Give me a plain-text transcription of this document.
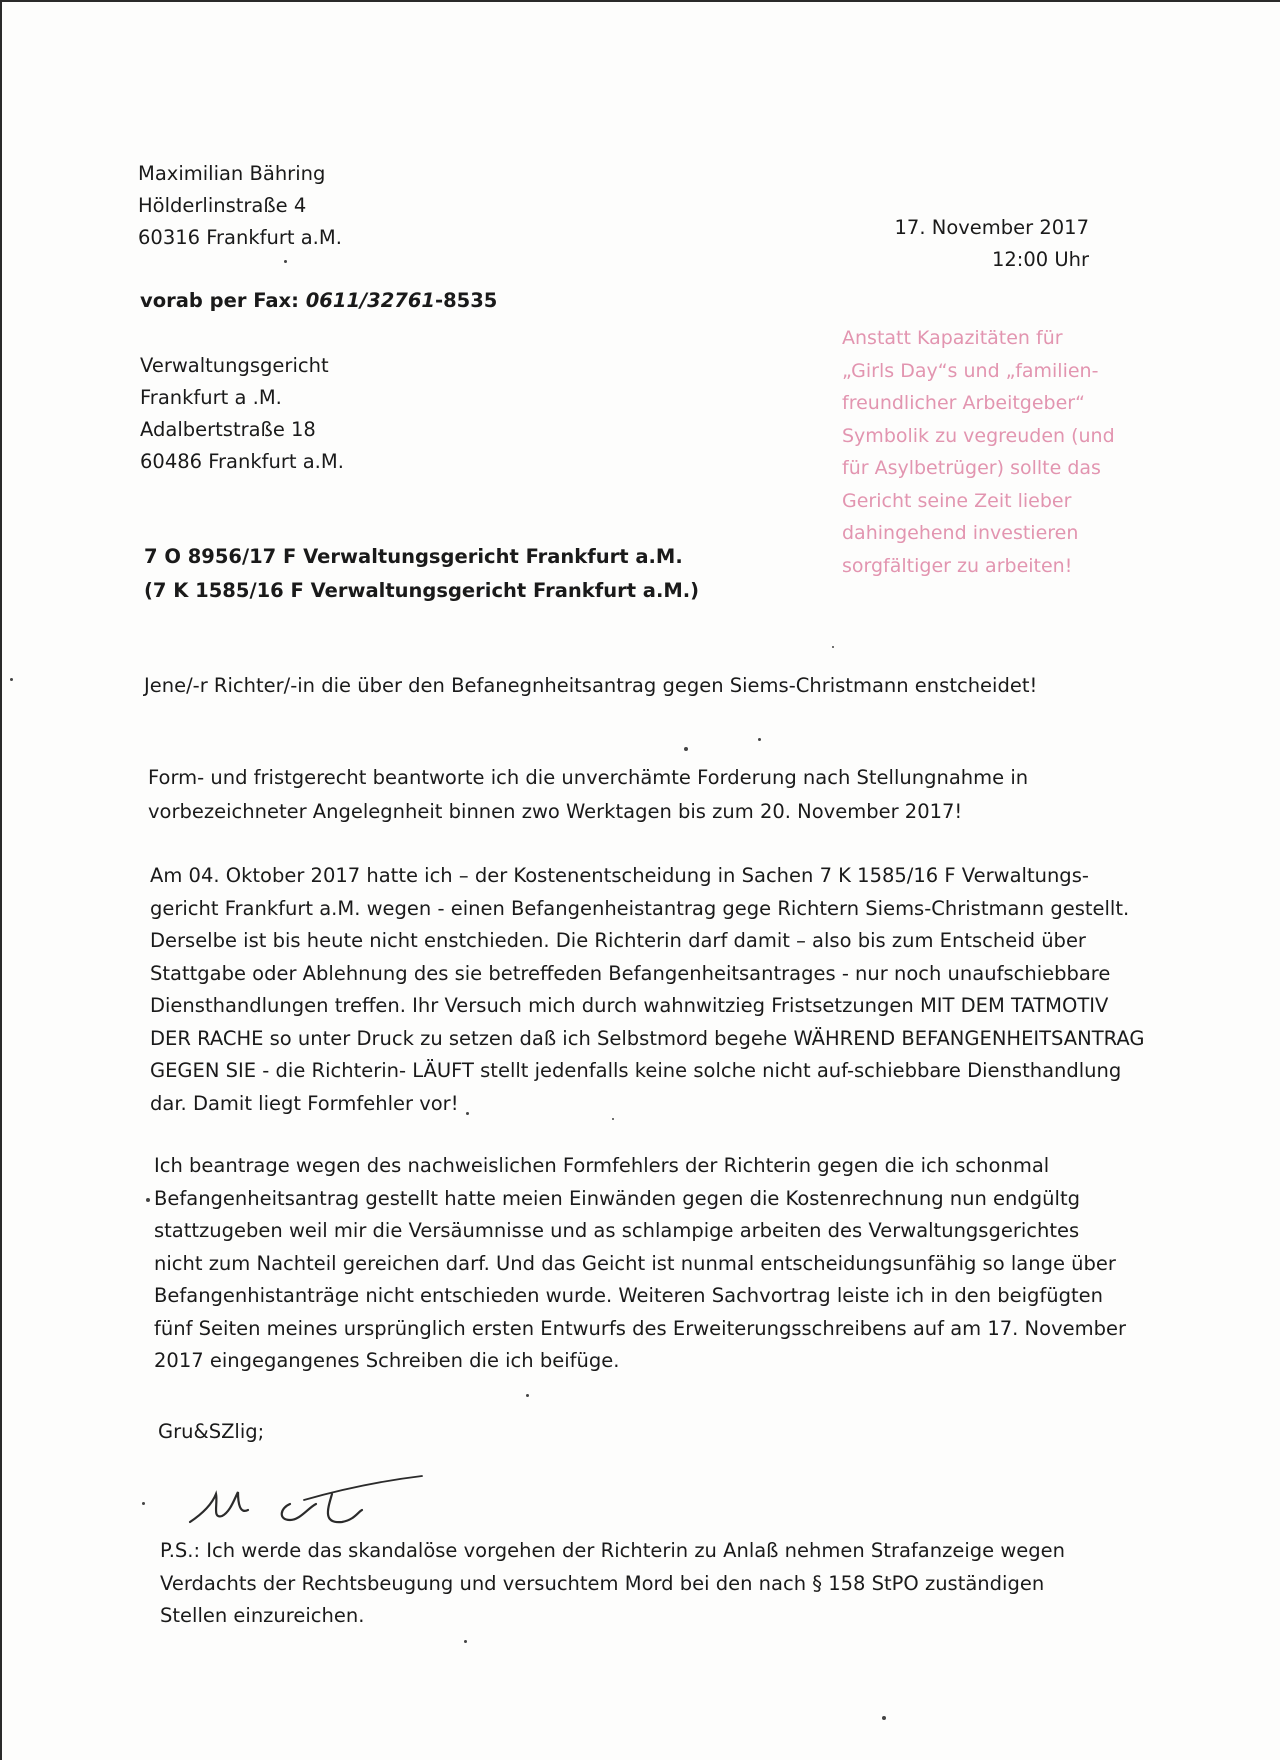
Maximilian Bähring
Hölderlinstraße 4
60316 Frankfurt a.M.	17. November 2017
12:00 Uhr
vorab per Fax: 0611/32761-8535
Verwaltungsgericht
Frankfurt a .M.
Adalbertstraße 18
60486 Frankfurt a.M.
Anstatt Kapazitäten für
„Girls Day“s und „familien-
freundlicher Arbeitgeber“
Symbolik zu vegreuden (und
für Asylbetrüger) sollte das
Gericht seine Zeit lieber
dahingehend investieren
sorgfältiger zu arbeiten!
7 O 8956/17 F Verwaltungsgericht Frankfurt a.M.
(7 K 1585/16 F Verwaltungsgericht Frankfurt a.M.)
Jene/-r Richter/-in die über den Befanegnheitsantrag gegen Siems-Christmann enstcheidet!
Form- und fristgerecht beantworte ich die unverchämte Forderung nach Stellungnahme in
vorbezeichneter Angelegnheit binnen zwo Werktagen bis zum 20. November 2017!
Am 04. Oktober 2017 hatte ich – der Kostenentscheidung in Sachen 7 K 1585/16 F Verwaltungs-
gericht Frankfurt a.M. wegen - einen Befangenheistantrag gege Richtern Siems-Christmann gestellt.
Derselbe ist bis heute nicht enstchieden. Die Richterin darf damit – also bis zum Entscheid über
Stattgabe oder Ablehnung des sie betreffeden Befangenheitsantrages - nur noch unaufschiebbare
Diensthandlungen treffen. Ihr Versuch mich durch wahnwitzieg Fristsetzungen MIT DEM TATMOTIV
DER RACHE so unter Druck zu setzen daß ich Selbstmord begehe WÄHREND BEFANGENHEITSANTRAG
GEGEN SIE - die Richterin- LÄUFT stellt jedenfalls keine solche nicht auf-schiebbare Diensthandlung
dar. Damit liegt Formfehler vor!
Ich beantrage wegen des nachweislichen Formfehlers der Richterin gegen die ich schonmal
Befangenheitsantrag gestellt hatte meien Einwänden gegen die Kostenrechnung nun endgültg
stattzugeben weil mir die Versäumnisse und as schlampige arbeiten des Verwaltungsgerichtes
nicht zum Nachteil gereichen darf. Und das Geicht ist nunmal entscheidungsunfähig so lange über
Befangenhistanträge nicht entschieden wurde. Weiteren Sachvortrag leiste ich in den beigfügten
fünf Seiten meines ursprünglich ersten Entwurfs des Erweiterungsschreibens auf am 17. November
2017 eingegangenes Schreiben die ich beifüge.
Gru&SZlig;
P.S.: Ich werde das skandalöse vorgehen der Richterin zu Anlaß nehmen Strafanzeige wegen
Verdachts der Rechtsbeugung und versuchtem Mord bei den nach § 158 StPO zuständigen
Stellen einzureichen.
